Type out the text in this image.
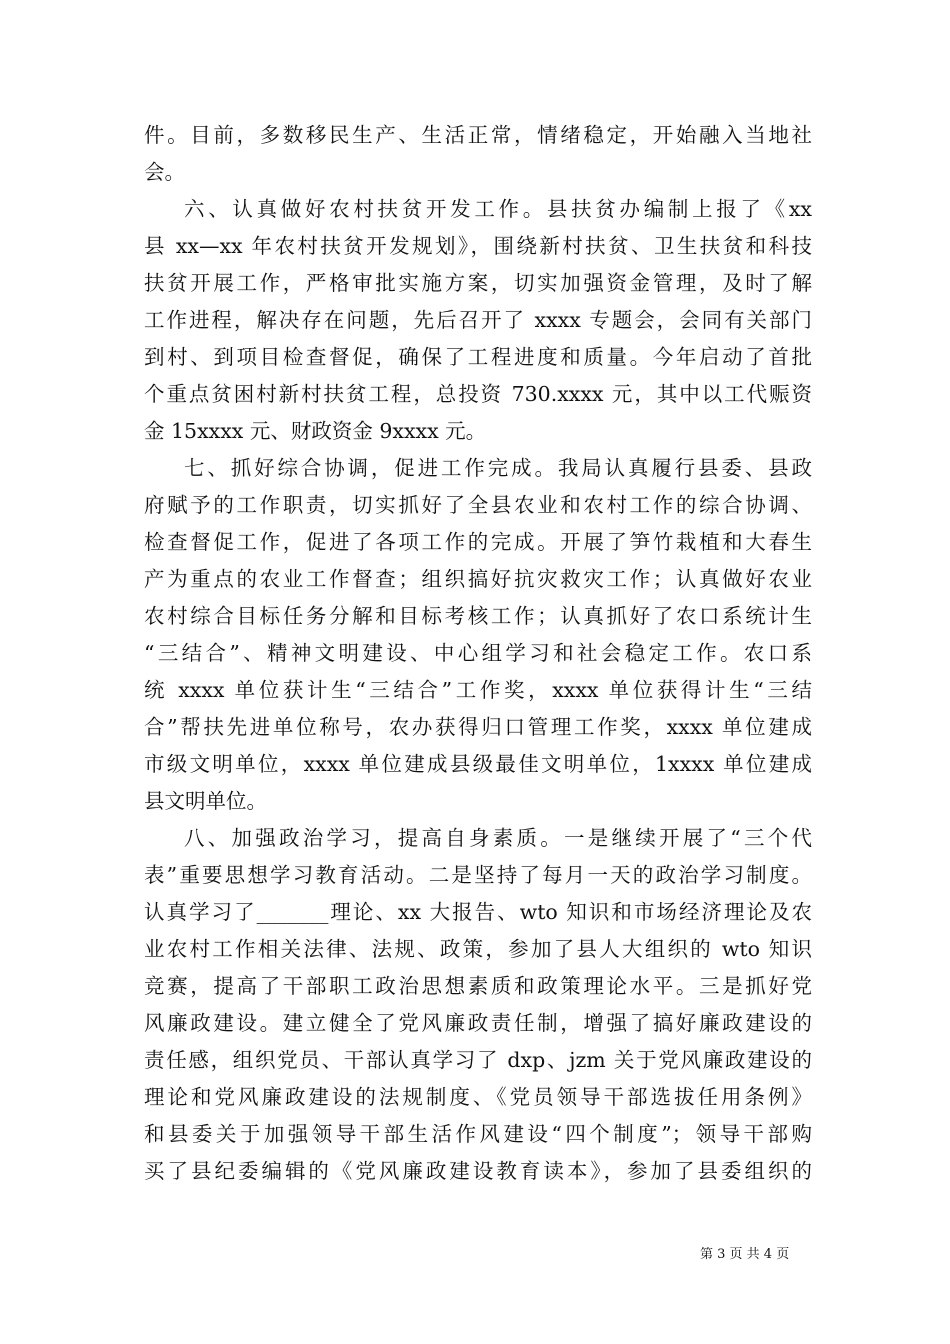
件。目前，多数移民生产、生活正常，情绪稳定，开始融入当地社
会。
六、认真做好农村扶贫开发工作。县扶贫办编制上报了《xx
县 xx—xx 年农村扶贫开发规划》，围绕新村扶贫、卫生扶贫和科技
扶贫开展工作，严格审批实施方案，切实加强资金管理，及时了解
工作进程，解决存在问题，先后召开了 xxxx 专题会，会同有关部门
到村、到项目检查督促，确保了工程进度和质量。今年启动了首批
个重点贫困村新村扶贫工程，总投资 730.xxxx 元，其中以工代赈资
金 15xxxx 元、财政资金 9xxxx 元。
七、抓好综合协调，促进工作完成。我局认真履行县委、县政
府赋予的工作职责，切实抓好了全县农业和农村工作的综合协调、
检查督促工作，促进了各项工作的完成。开展了笋竹栽植和大春生
产为重点的农业工作督查；组织搞好抗灾救灾工作；认真做好农业
农村综合目标任务分解和目标考核工作；认真抓好了农口系统计生
“三结合”、精神文明建设、中心组学习和社会稳定工作。农口系
统 xxxx 单位获计生“三结合”工作奖，xxxx 单位获得计生“三结
合”帮扶先进单位称号，农办获得归口管理工作奖，xxxx 单位建成
市级文明单位，xxxx 单位建成县级最佳文明单位，1xxxx 单位建成
县文明单位。
八、加强政治学习，提高自身素质。一是继续开展了“三个代
表”重要思想学习教育活动。二是坚持了每月一天的政治学习制度。
认真学习了_______理论、xx 大报告、wto 知识和市场经济理论及农
业农村工作相关法律、法规、政策，参加了县人大组织的 wto 知识
竞赛，提高了干部职工政治思想素质和政策理论水平。三是抓好党
风廉政建设。建立健全了党风廉政责任制，增强了搞好廉政建设的
责任感，组织党员、干部认真学习了 dxp、jzm 关于党风廉政建设的
理论和党风廉政建设的法规制度、《党员领导干部选拔任用条例》
和县委关于加强领导干部生活作风建设“四个制度”；领导干部购
买了县纪委编辑的《党风廉政建设教育读本》，参加了县委组织的
第 3 页 共 4 页
